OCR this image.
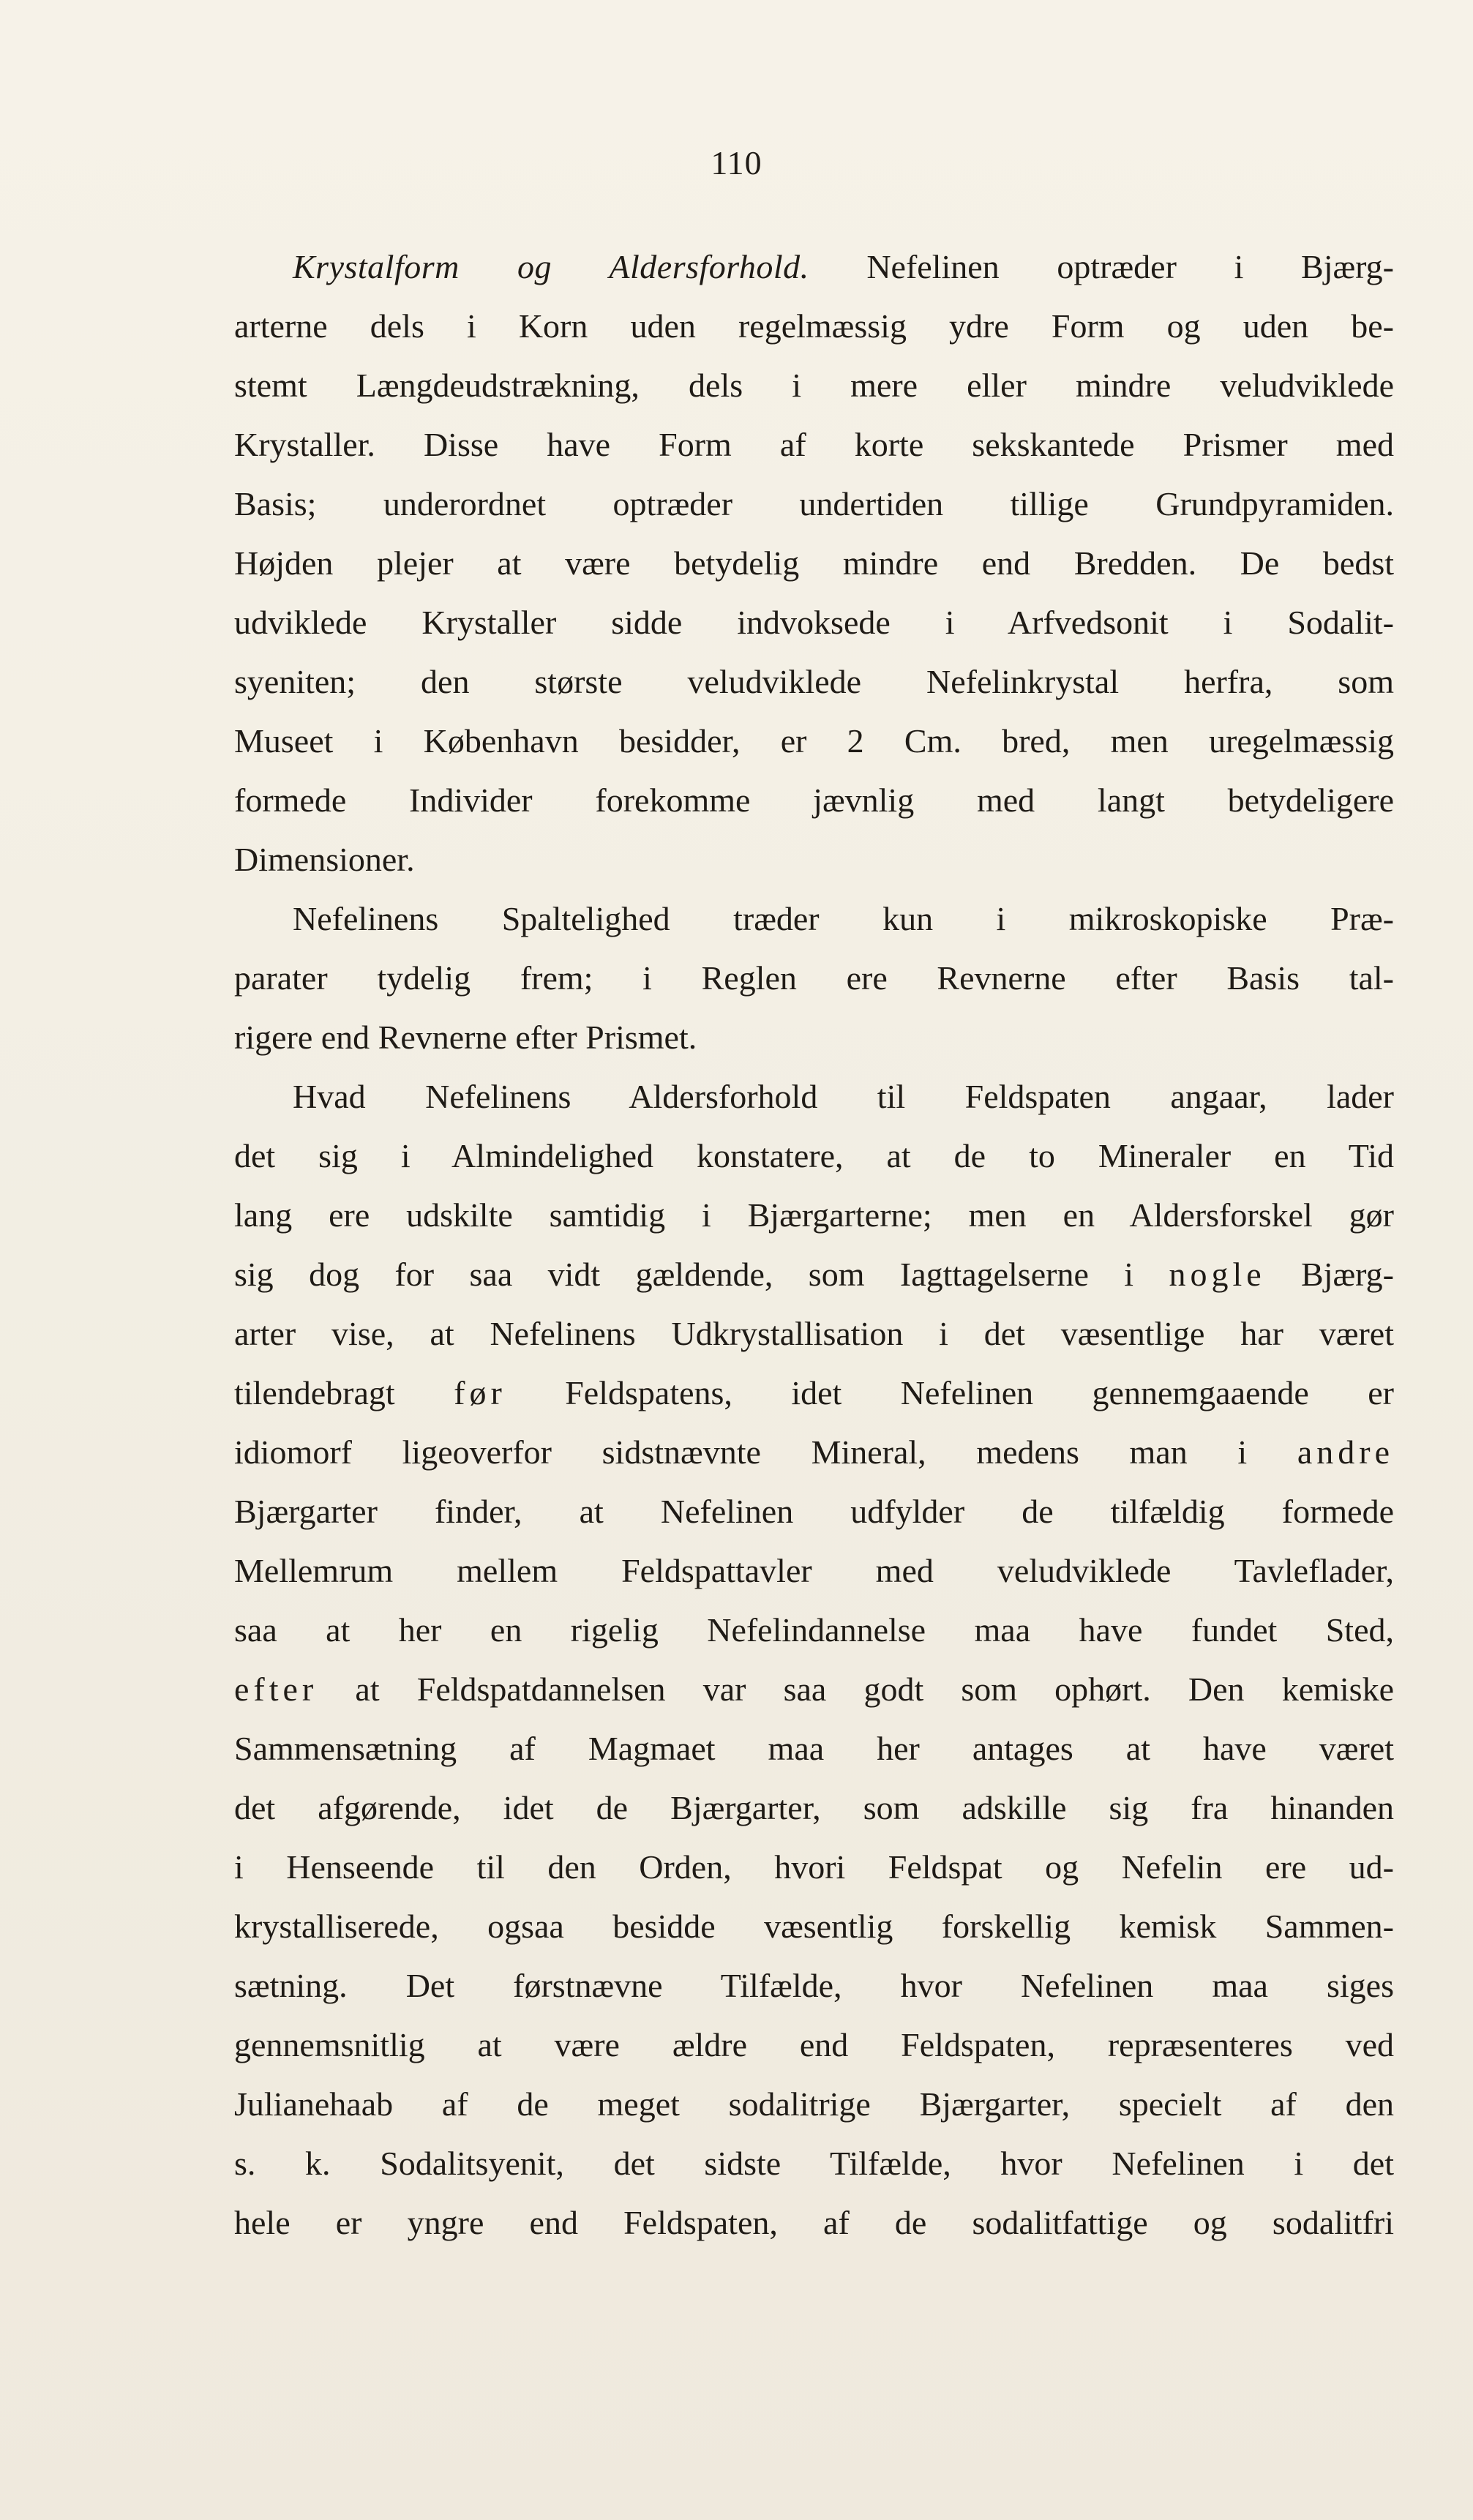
110
Krystalform og Aldersforhold. Nefelinen optræder i Bjærg-
arterne dels i Korn uden regelmæssig ydre Form og uden be-
stemt Længdeudstrækning, dels i mere eller mindre veludviklede
Krystaller. Disse have Form af korte sekskantede Prismer med
Basis; underordnet optræder undertiden tillige Grundpyramiden.
Højden plejer at være betydelig mindre end Bredden. De bedst
udviklede Krystaller sidde indvoksede i Arfvedsonit i Sodalit-
syeniten; den største veludviklede Nefelinkrystal herfra, som
Museet i København besidder, er 2 Cm. bred, men uregelmæssig
formede Individer forekomme jævnlig med langt betydeligere
Dimensioner.
Nefelinens Spaltelighed træder kun i mikroskopiske Præ-
parater tydelig frem; i Reglen ere Revnerne efter Basis tal-
rigere end Revnerne efter Prismet.
Hvad Nefelinens Aldersforhold til Feldspaten angaar, lader
det sig i Almindelighed konstatere, at de to Mineraler en Tid
lang ere udskilte samtidig i Bjærgarterne; men en Aldersforskel gør
sig dog for saa vidt gældende, som Iagttagelserne i nogle Bjærg-
arter vise, at Nefelinens Udkrystallisation i det væsentlige har været
tilendebragt før Feldspatens, idet Nefelinen gennemgaaende er
idiomorf ligeoverfor sidstnævnte Mineral, medens man i andre
Bjærgarter finder, at Nefelinen udfylder de tilfældig formede
Mellemrum mellem Feldspattavler med veludviklede Tavleflader,
saa at her en rigelig Nefelindannelse maa have fundet Sted,
efter at Feldspatdannelsen var saa godt som ophørt. Den kemiske
Sammensætning af Magmaet maa her antages at have været
det afgørende, idet de Bjærgarter, som adskille sig fra hinanden
i Henseende til den Orden, hvori Feldspat og Nefelin ere ud-
krystalliserede, ogsaa besidde væsentlig forskellig kemisk Sammen-
sætning. Det førstnævne Tilfælde, hvor Nefelinen maa siges
gennemsnitlig at være ældre end Feldspaten, repræsenteres ved
Julianehaab af de meget sodalitrige Bjærgarter, specielt af den
s. k. Sodalitsyenit, det sidste Tilfælde, hvor Nefelinen i det
hele er yngre end Feldspaten, af de sodalitfattige og sodalitfri
